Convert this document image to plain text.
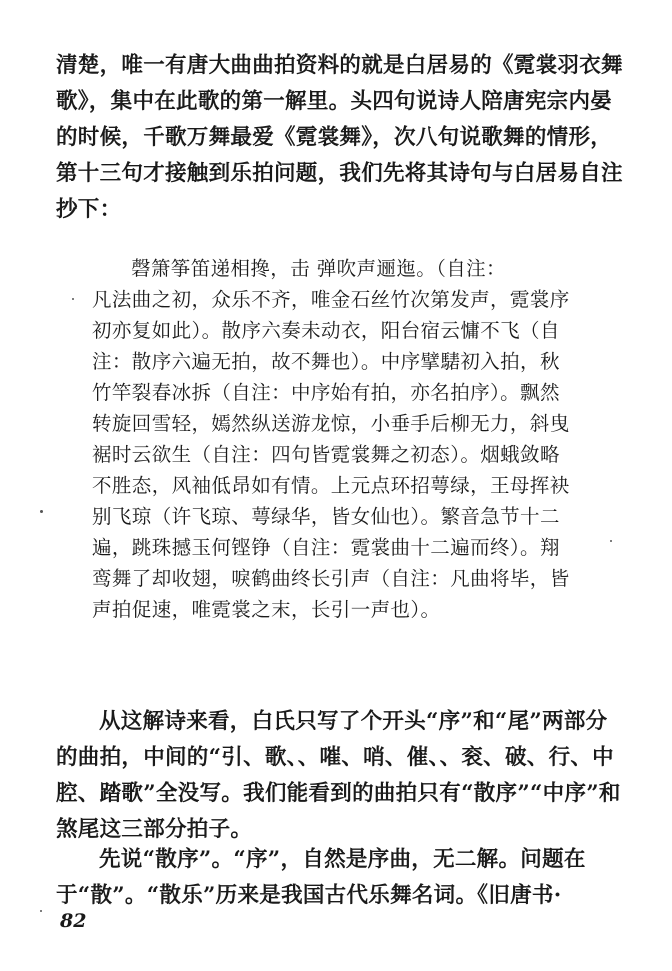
清楚，唯一有唐大曲曲拍资料的就是白居易的《霓裳羽衣舞歌》，集中在此歌的第一解里。头四句说诗人陪唐宪宗内晏的时候，千歌万舞最爱《霓裳舞》，次八句说歌舞的情形，第十三句才接触到乐拍问题，我们先将其诗句与白居易自注抄下：

磬箫筝笛递相搀，击 弹吹声逦迤。（自注：
凡法曲之初，众乐不齐，唯金石丝竹次第发声，霓裳序初亦复如此）。散序六奏未动衣，阳台宿云慵不飞（自注：散序六遍无拍，故不舞也）。中序擘騞初入拍，秋竹竿裂春冰拆（自注：中序始有拍，亦名拍序）。飘然转旋回雪轻，嫣然纵送游龙惊，小垂手后柳无力，斜曳裾时云欲生（自注：四句皆霓裳舞之初态）。烟蛾敛略不胜态，风袖低昂如有情。上元点环招萼绿，王母挥袂别飞琼（许飞琼、萼绿华，皆女仙也）。繁音急节十二遍，跳珠撼玉何铿铮（自注：霓裳曲十二遍而终）。翔鸾舞了却收翅，唳鹤曲终长引声（自注：凡曲将毕，皆声拍促速，唯霓裳之末，长引一声也）。

从这解诗来看，白氏只写了个开头“序”和“尾”两部分的曲拍，中间的“引、歌、、嗺、哨、催、、衮、破、行、中腔、踏歌”全没写。我们能看到的曲拍只有“散序”“中序”和煞尾这三部分拍子。

先说“散序”。“序”，自然是序曲，无二解。问题在于“散”。“散乐”历来是我国古代乐舞名词。《旧唐书·

82
